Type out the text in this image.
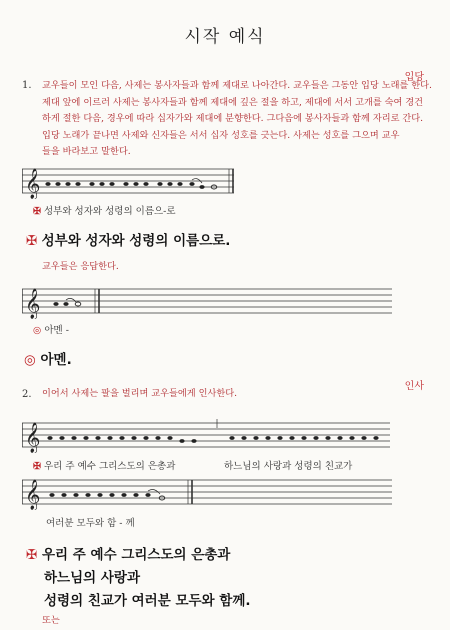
시작 예식
입당
1. 교우들이 모인 다음, 사제는 봉사자들과 함께 제대로 나아간다. 교우들은 그동안 입당 노래를 한다.
제대 앞에 이르러 사제는 봉사자들과 함께 제대에 깊은 절을 하고, 제대에 서서 고개를 숙여 경건
하게 절한 다음, 경우에 따라 십자가와 제대에 분향한다. 그다음에 봉사자들과 함께 자리로 간다.
입당 노래가 끝나면 사제와 신자들은 서서 십자 성호를 긋는다. 사제는 성호를 그으며 교우
들을 바라보고 말한다.
𝄞
✠ 성부와 성자와 성령의 이름으-로
✠ 성부와 성자와 성령의 이름으로.
교우들은 응답한다.
𝄞
◎ 아멘 -
◎ 아멘.
인사
2. 이어서 사제는 팔을 벌리며 교우들에게 인사한다.
𝄞
✠ 우리 주 예수 그리스도의 은총과	하느님의 사랑과 성령의 친교가
𝄞
여러분 모두와 함 - 께
✠ 우리 주 예수 그리스도의 은총과
하느님의 사랑과
성령의 친교가 여러분 모두와 함께.
또는
